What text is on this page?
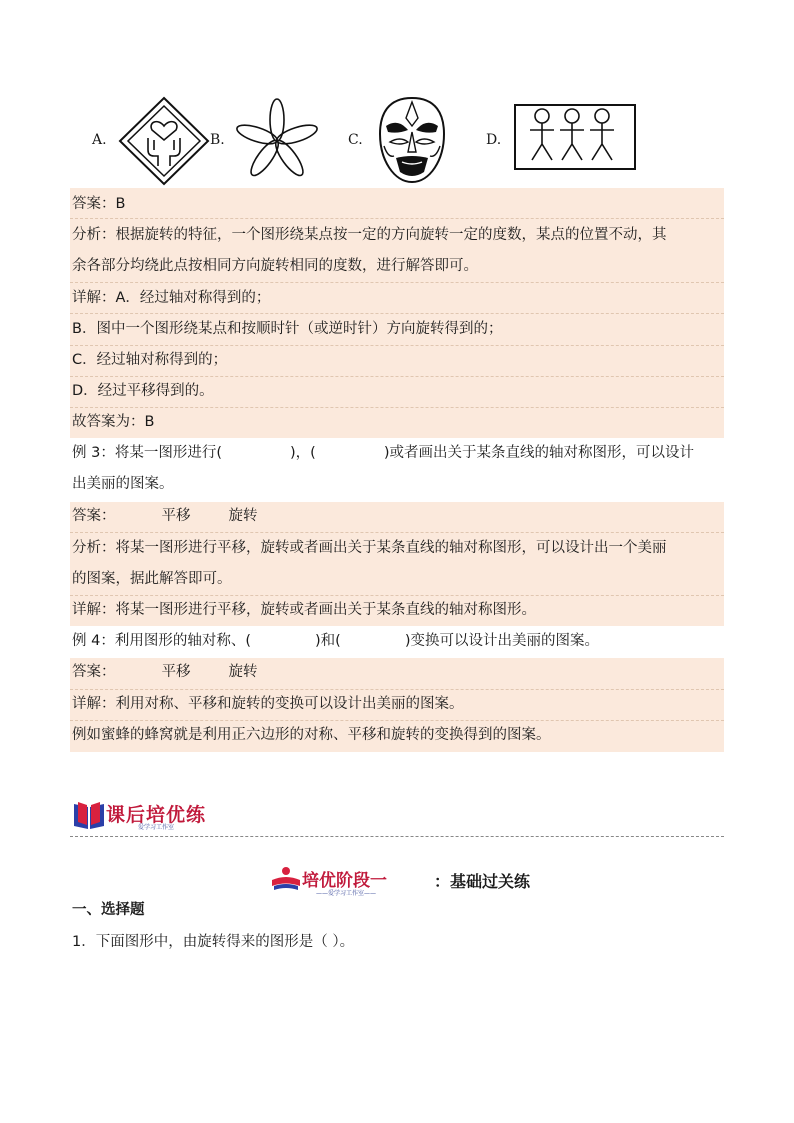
A.	B.	C.	D.
答案：B
分析：根据旋转的特征，一个图形绕某点按一定的方向旋转一定的度数，某点的位置不动，其
余各部分均绕此点按相同方向旋转相同的度数，进行解答即可。
详解：A．经过轴对称得到的；
B．图中一个图形绕某点和按顺时针（或逆时针）方向旋转得到的；
C．经过轴对称得到的；
D．经过平移得到的。
故答案为：B
例 3：将某一图形进行(	)，(	)或者画出关于某条直线的轴对称图形，可以设计
出美丽的图案。
答案：	平移	旋转
分析：将某一图形进行平移，旋转或者画出关于某条直线的轴对称图形，可以设计出一个美丽
的图案，据此解答即可。
详解：将某一图形进行平移，旋转或者画出关于某条直线的轴对称图形。
例 4：利用图形的轴对称、(	)和(	)变换可以设计出美丽的图案。
答案：	平移	旋转
详解：利用对称、平移和旋转的变换可以设计出美丽的图案。
例如蜜蜂的蜂窝就是利用正六边形的对称、平移和旋转的变换得到的图案。
课后培优练
爱学习工作室
培优阶段一
——爱学习工作室——
：基础过关练
一、选择题
1．下面图形中，由旋转得来的图形是（ ）。
